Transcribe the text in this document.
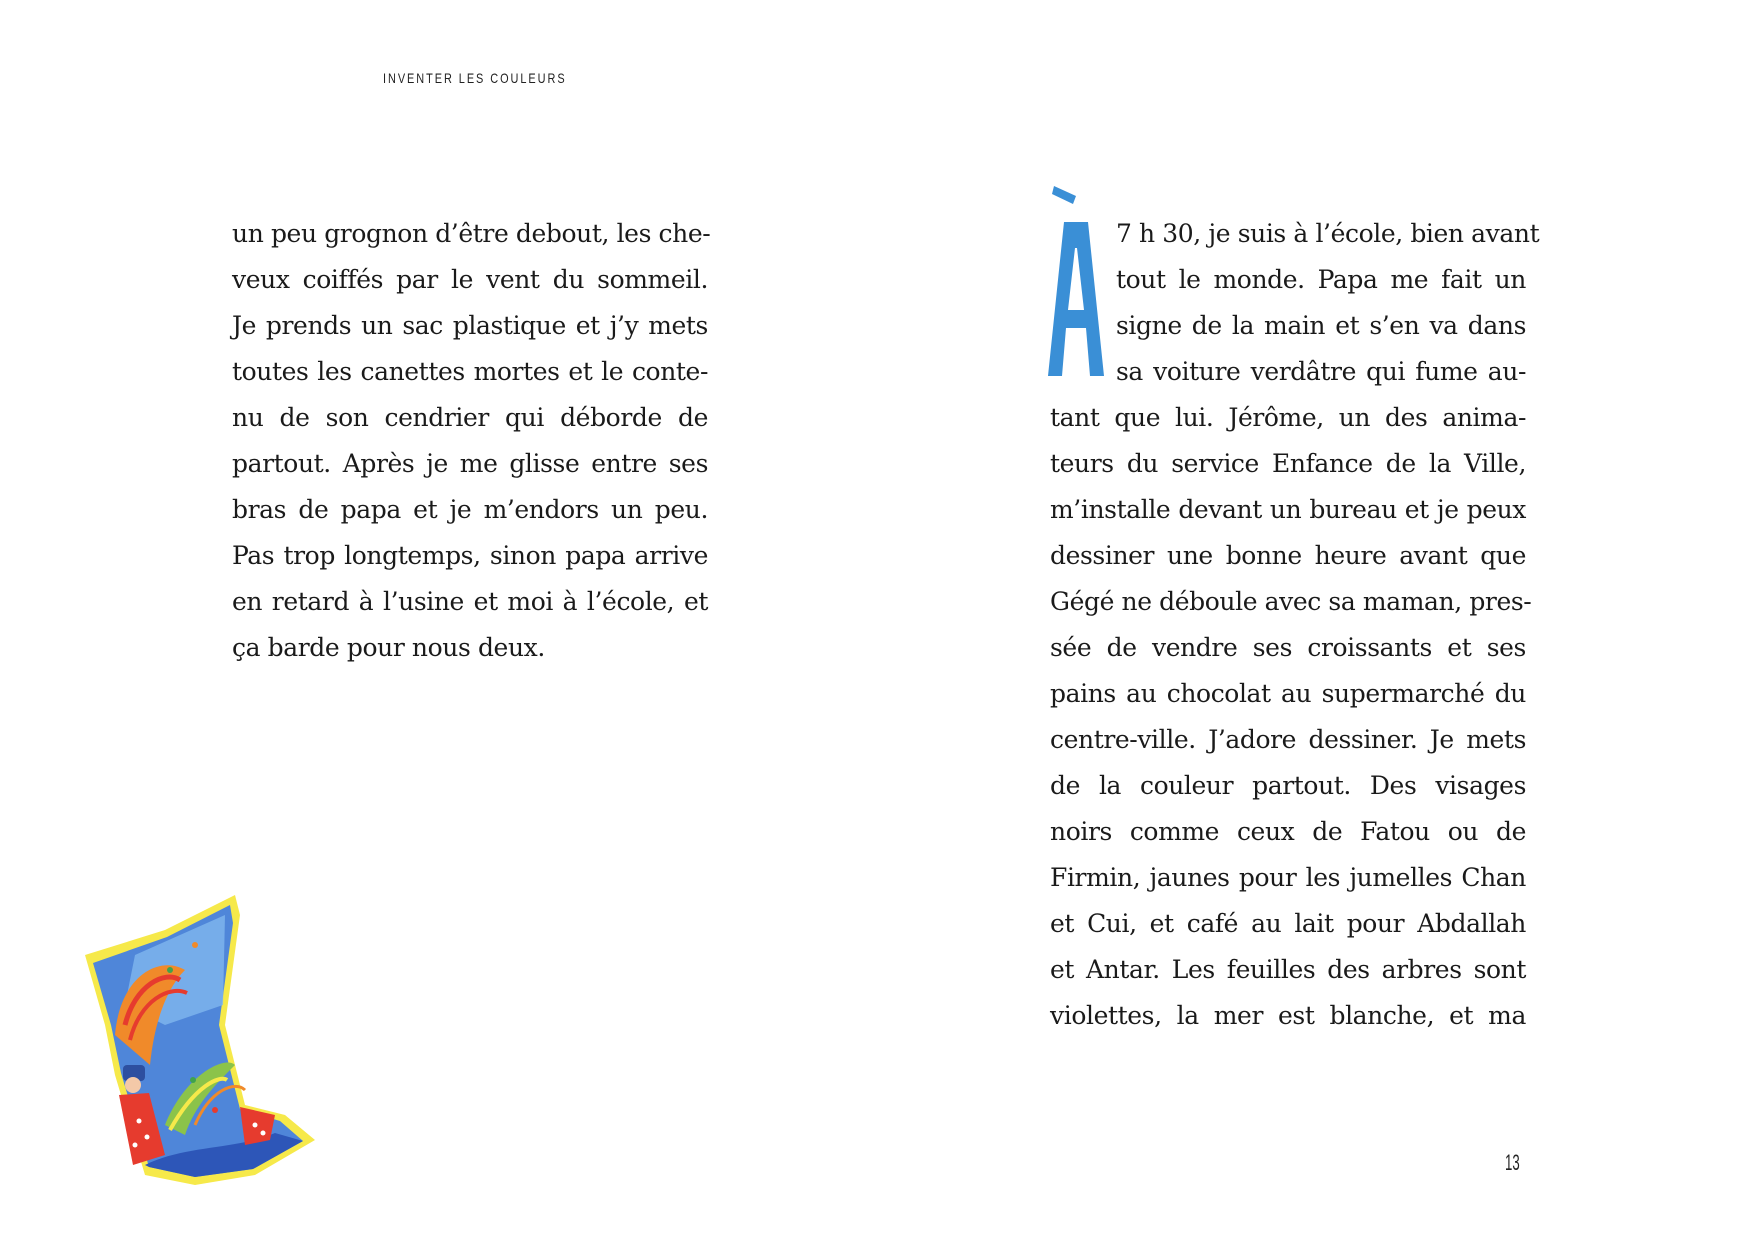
INVENTER LES COULEURS
un peu grognon d’être debout, les che-
veux coiffés par le vent du sommeil.
Je prends un sac plastique et j’y mets
toutes les canettes mortes et le conte-
nu de son cendrier qui déborde de
partout. Après je me glisse entre ses
bras de papa et je m’endors un peu.
Pas trop longtemps, sinon papa arrive
en retard à l’usine et moi à l’école, et
ça barde pour nous deux.
7 h 30, je suis à l’école, bien avant
tout le monde. Papa me fait un
signe de la main et s’en va dans
sa voiture verdâtre qui fume au-
tant que lui. Jérôme, un des anima-
teurs du service Enfance de la Ville,
m’installe devant un bureau et je peux
dessiner une bonne heure avant que
Gégé ne déboule avec sa maman, pres-
sée de vendre ses croissants et ses
pains au chocolat au supermarché du
centre-ville. J’adore dessiner. Je mets
de la couleur partout. Des visages
noirs comme ceux de Fatou ou de
Firmin, jaunes pour les jumelles Chan
et Cui, et café au lait pour Abdallah
et Antar. Les feuilles des arbres sont
violettes, la mer est blanche, et ma
13
